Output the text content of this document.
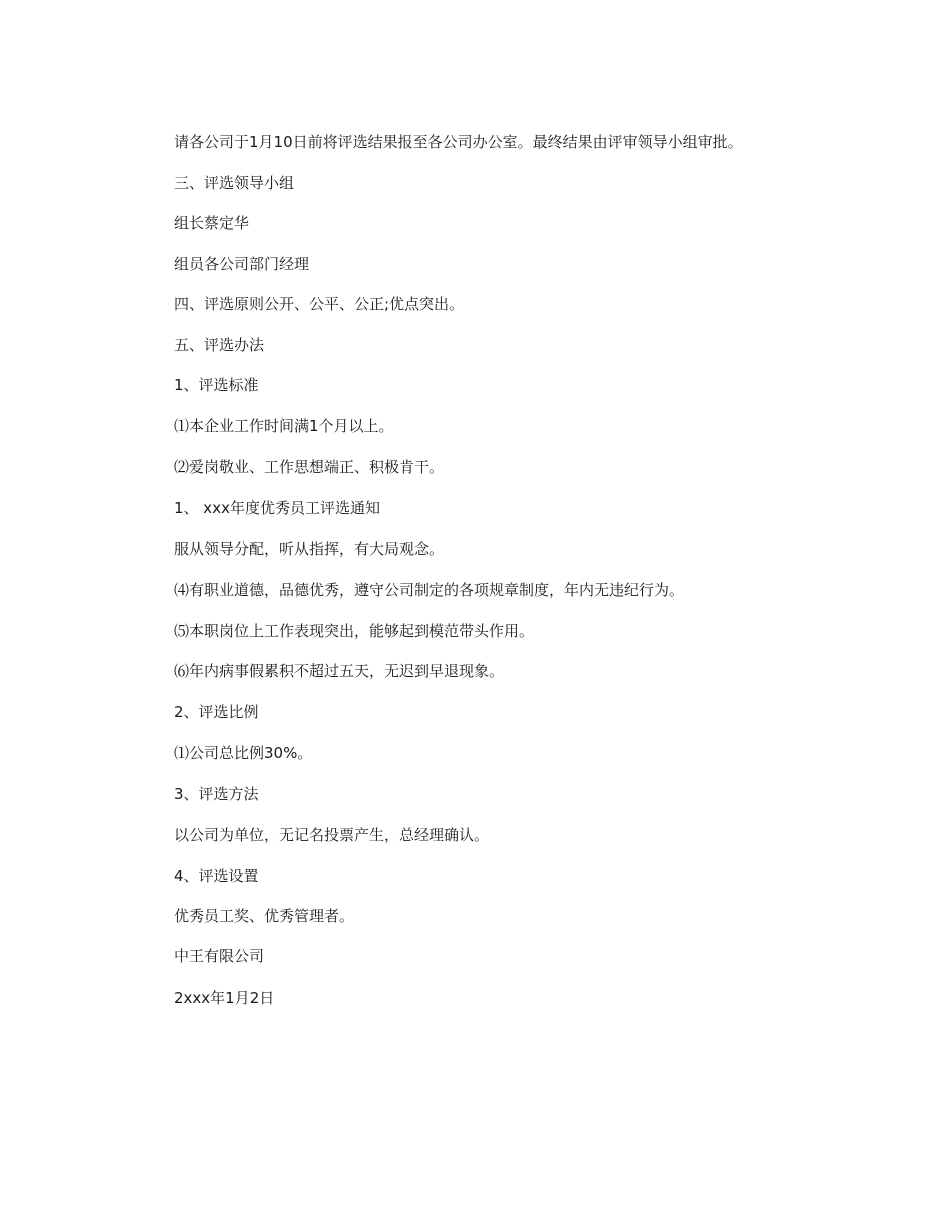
请各公司于1月10日前将评选结果报至各公司办公室。最终结果由评审领导小组审批。
三、评选领导小组
组长蔡定华
组员各公司部门经理
四、评选原则公开、公平、公正;优点突出。
五、评选办法
1、评选标准
⑴本企业工作时间满1个月以上。
⑵爱岗敬业、工作思想端正、积极肯干。
1、 xxx年度优秀员工评选通知
服从领导分配，听从指挥，有大局观念。
⑷有职业道德，品德优秀，遵守公司制定的各项规章制度，年内无违纪行为。
⑸本职岗位上工作表现突出，能够起到模范带头作用。
⑹年内病事假累积不超过五天，无迟到早退现象。
2、评选比例
⑴公司总比例30%。
3、评选方法
以公司为单位，无记名投票产生，总经理确认。
4、评选设置
优秀员工奖、优秀管理者。
中王有限公司
2xxx年1月2日
